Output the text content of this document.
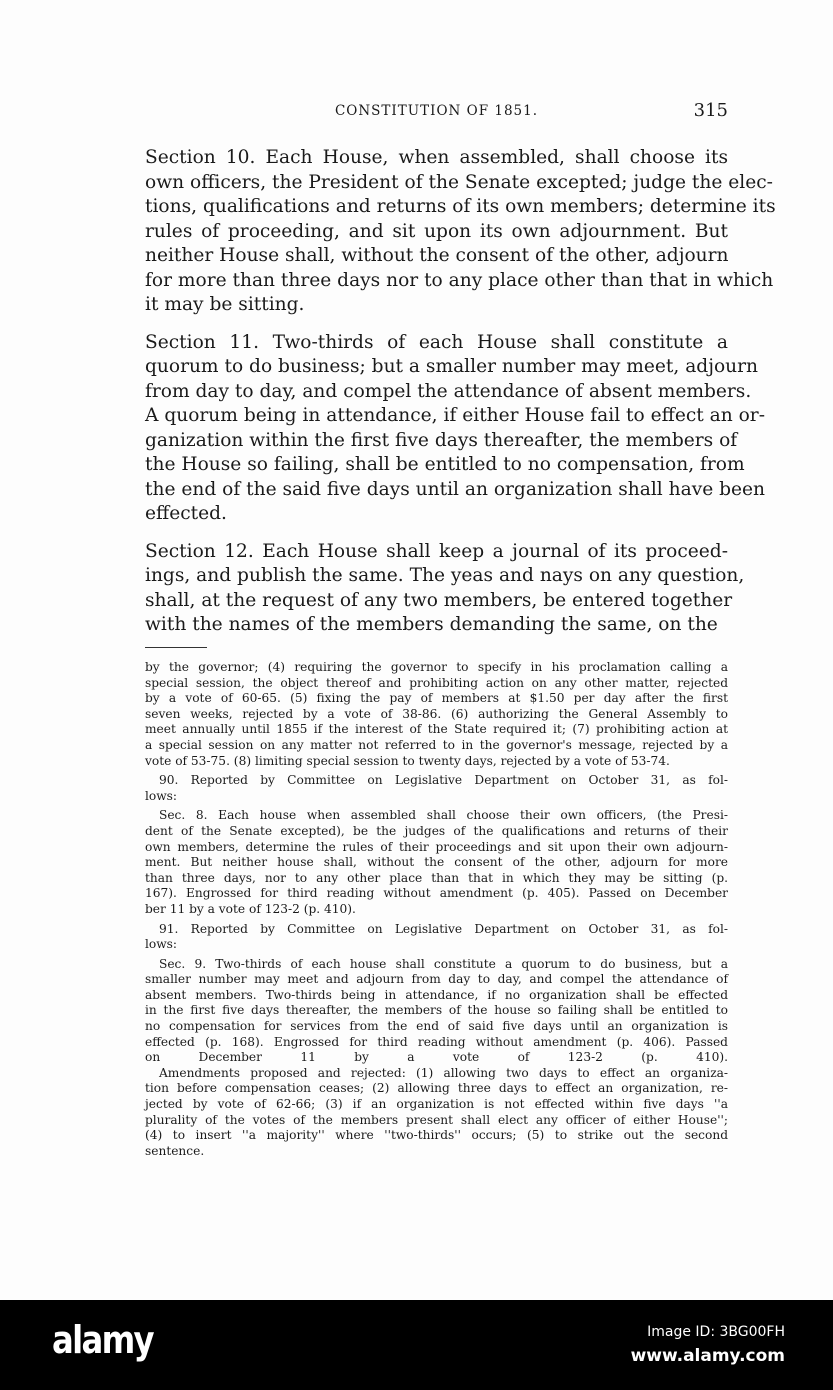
CONSTITUTION OF 1851.	315
Section 10. Each House, when assembled, shall choose its
own officers, the President of the Senate excepted; judge the elec-
tions, qualifications and returns of its own members; determine its
rules of proceeding, and sit upon its own adjournment. But
neither House shall, without the consent of the other, adjourn
for more than three days nor to any place other than that in which
it may be sitting.
Section 11. Two-thirds of each House shall constitute a
quorum to do business; but a smaller number may meet, adjourn
from day to day, and compel the attendance of absent members.
A quorum being in attendance, if either House fail to effect an or-
ganization within the first five days thereafter, the members of
the House so failing, shall be entitled to no compensation, from
the end of the said five days until an organization shall have been
effected.
Section 12. Each House shall keep a journal of its proceed-
ings, and publish the same. The yeas and nays on any question,
shall, at the request of any two members, be entered together
with the names of the members demanding the same, on the
by the governor; (4) requiring the governor to specify in his proclamation calling a
special session, the object thereof and prohibiting action on any other matter, rejected
by a vote of 60-65. (5) fixing the pay of members at $1.50 per day after the first
seven weeks, rejected by a vote of 38-86. (6) authorizing the General Assembly to
meet annually until 1855 if the interest of the State required it; (7) prohibiting action at
a special session on any matter not referred to in the governor's message, rejected by a
vote of 53-75. (8) limiting special session to twenty days, rejected by a vote of 53-74.
90. Reported by Committee on Legislative Department on October 31, as fol-
lows:
Sec. 8. Each house when assembled shall choose their own officers, (the Presi-
dent of the Senate excepted), be the judges of the qualifications and returns of their
own members, determine the rules of their proceedings and sit upon their own adjourn-
ment. But neither house shall, without the consent of the other, adjourn for more
than three days, nor to any other place than that in which they may be sitting (p.
167). Engrossed for third reading without amendment (p. 405). Passed on December
ber 11 by a vote of 123-2 (p. 410).
91. Reported by Committee on Legislative Department on October 31, as fol-
lows:
Sec. 9. Two-thirds of each house shall constitute a quorum to do business, but a
smaller number may meet and adjourn from day to day, and compel the attendance of
absent members. Two-thirds being in attendance, if no organization shall be effected
in the first five days thereafter, the members of the house so failing shall be entitled to
no compensation for services from the end of said five days until an organization is
effected (p. 168). Engrossed for third reading without amendment (p. 406). Passed
on December 11 by a vote of 123-2 (p. 410).
Amendments proposed and rejected: (1) allowing two days to effect an organiza-
tion before compensation ceases; (2) allowing three days to effect an organization, re-
jected by vote of 62-66; (3) if an organization is not effected within five days ''a
plurality of the votes of the members present shall elect any officer of either House'';
(4) to insert ''a majority'' where ''two-thirds'' occurs; (5) to strike out the second
sentence.
alamy	Image ID: 3BG00FH
www.alamy.com
